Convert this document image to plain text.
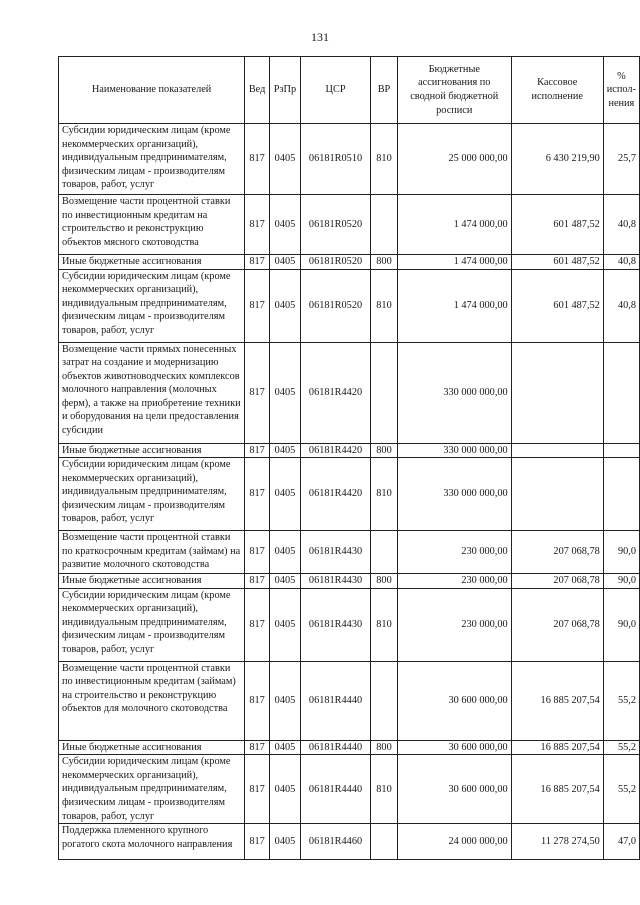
131
Наименование показателей	Вед	РзПр	ЦСР	ВР	Бюджетные ассигнования по сводной бюджетной росписи	Кассовое исполнение	% испол-нения
Субсидии юридическим лицам (кроме некоммерческих организаций), индивидуальным предпринимателям, физическим лицам - производителям товаров, работ, услуг	817	0405	06181R0510	810	25 000 000,00	6 430 219,90	25,7
Возмещение части процентной ставки по инвестиционным кредитам на строительство и реконструкцию объектов мясного скотоводства	817	0405	06181R0520		1 474 000,00	601 487,52	40,8
Иные бюджетные ассигнования	817	0405	06181R0520	800	1 474 000,00	601 487,52	40,8
Субсидии юридическим лицам (кроме некоммерческих организаций), индивидуальным предпринимателям, физическим лицам - производителям товаров, работ, услуг	817	0405	06181R0520	810	1 474 000,00	601 487,52	40,8
Возмещение части прямых понесенных затрат на создание и модернизацию объектов животноводческих комплексов молочного направления (молочных ферм), а также на приобретение техники и оборудования на цели предоставления субсидии	817	0405	06181R4420		330 000 000,00		
Иные бюджетные ассигнования	817	0405	06181R4420	800	330 000 000,00		
Субсидии юридическим лицам (кроме некоммерческих организаций), индивидуальным предпринимателям, физическим лицам - производителям товаров, работ, услуг	817	0405	06181R4420	810	330 000 000,00		
Возмещение части процентной ставки по краткосрочным кредитам (займам) на развитие молочного скотоводства	817	0405	06181R4430		230 000,00	207 068,78	90,0
Иные бюджетные ассигнования	817	0405	06181R4430	800	230 000,00	207 068,78	90,0
Субсидии юридическим лицам (кроме некоммерческих организаций), индивидуальным предпринимателям, физическим лицам - производителям товаров, работ, услуг	817	0405	06181R4430	810	230 000,00	207 068,78	90,0
Возмещение части процентной ставки по инвестиционным кредитам (займам) на строительство и реконструкцию объектов для молочного скотоводства	817	0405	06181R4440		30 600 000,00	16 885 207,54	55,2
Иные бюджетные ассигнования	817	0405	06181R4440	800	30 600 000,00	16 885 207,54	55,2
Субсидии юридическим лицам (кроме некоммерческих организаций), индивидуальным предпринимателям, физическим лицам - производителям товаров, работ, услуг	817	0405	06181R4440	810	30 600 000,00	16 885 207,54	55,2
Поддержка племенного крупного рогатого скота молочного направления	817	0405	06181R4460		24 000 000,00	11 278 274,50	47,0
